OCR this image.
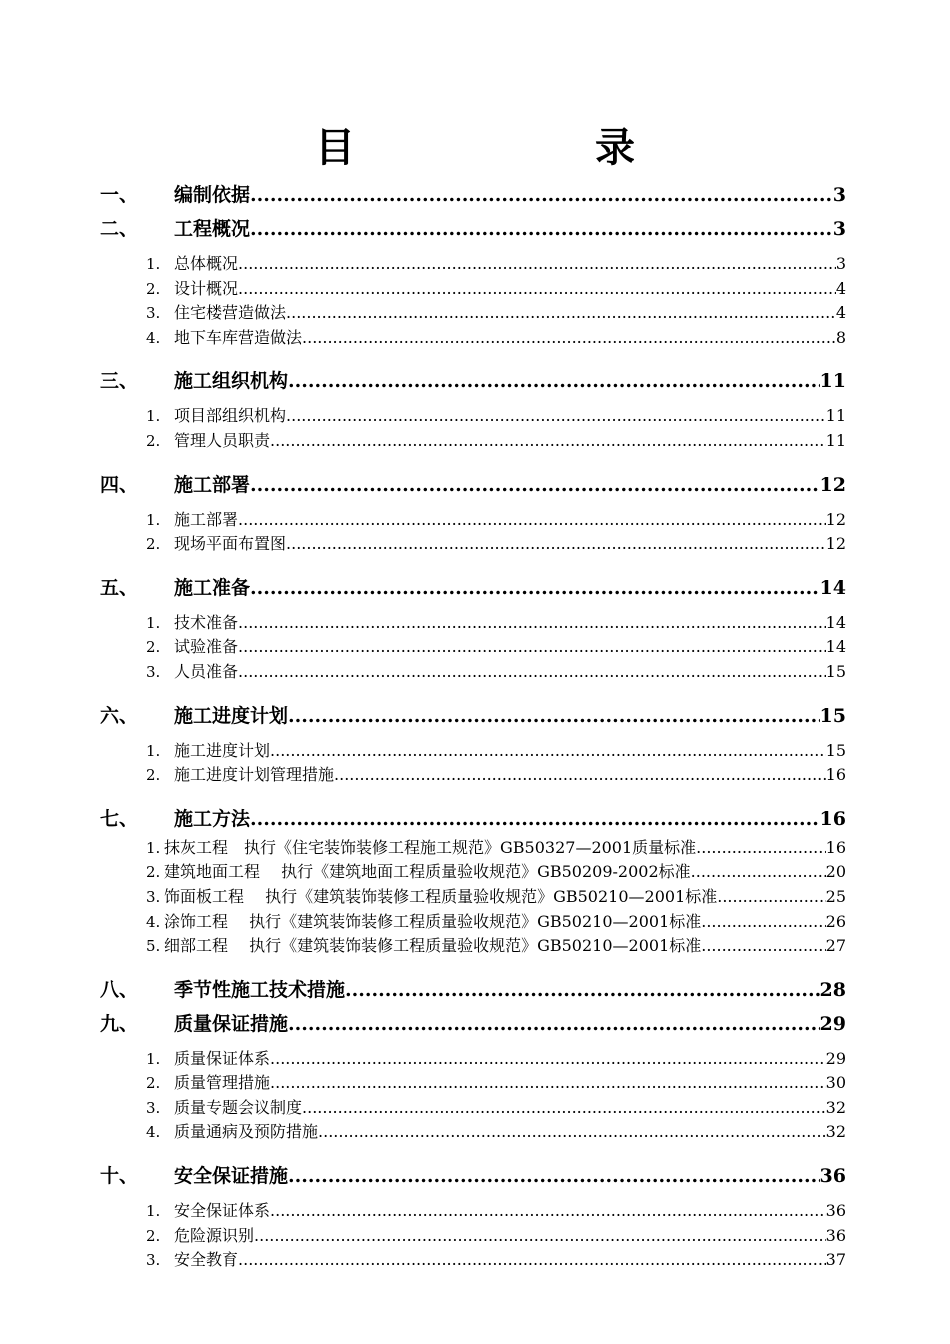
目　录
一、	编制依据 .....	3
二、	工程概况 .....	3
1. 总体概况 .....	3
2. 设计概况 .....	4
3. 住宅楼营造做法 .....	4
4. 地下车库营造做法 .....	8
三、	施工组织机构 .....	11
1. 项目部组织机构 .....	11
2. 管理人员职责 .....	11
四、	施工部署 .....	12
1. 施工部署 .....	12
2. 现场平面布置图 .....	12
五、	施工准备 .....	14
1. 技术准备 .....	14
2. 试验准备 .....	14
3. 人员准备 .....	15
六、	施工进度计划 .....	15
1. 施工进度计划 .....	15
2. 施工进度计划管理措施 .....	16
七、	施工方法 .....	16
1. 抹灰工程　执行《住宅装饰装修工程施工规范》GB50327—2001质量标准 .....	16
2. 建筑地面工程　 执行《建筑地面工程质量验收规范》GB50209-2002标准 .....	20
3. 饰面板工程　 执行《建筑装饰装修工程质量验收规范》GB50210—2001标准 .....	25
4. 涂饰工程　 执行《建筑装饰装修工程质量验收规范》GB50210—2001标准 .....	26
5. 细部工程　 执行《建筑装饰装修工程质量验收规范》GB50210—2001标准 .....	27
八、	季节性施工技术措施 .....	28
九、	质量保证措施 .....	29
1. 质量保证体系 .....	29
2. 质量管理措施 .....	30
3. 质量专题会议制度 .....	32
4. 质量通病及预防措施 .....	32
十、	安全保证措施 .....	36
1. 安全保证体系 .....	36
2. 危险源识别 .....	36
3. 安全教育 .....	37
